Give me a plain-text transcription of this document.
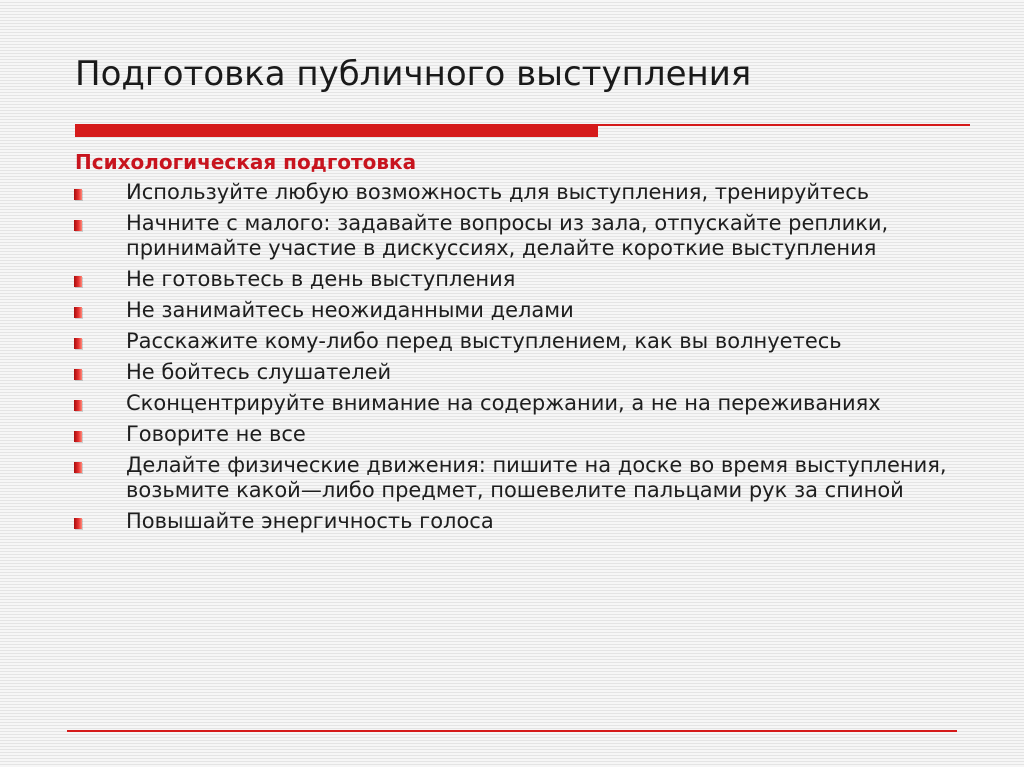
Подготовка публичного выступления
Психологическая подготовка
Используйте любую возможность для выступления, тренируйтесь
Начните с малого: задавайте вопросы из зала, отпускайте реплики, принимайте участие в дискуссиях, делайте короткие выступления
Не готовьтесь в день выступления
Не занимайтесь неожиданными делами
Расскажите кому-либо перед выступлением, как вы волнуетесь
Не бойтесь слушателей
Сконцентрируйте внимание на содержании, а не на переживаниях
Говорите не все
Делайте физические движения: пишите на доске во время выступления, возьмите какой—либо предмет, пошевелите пальцами рук за спиной
Повышайте энергичность голоса
